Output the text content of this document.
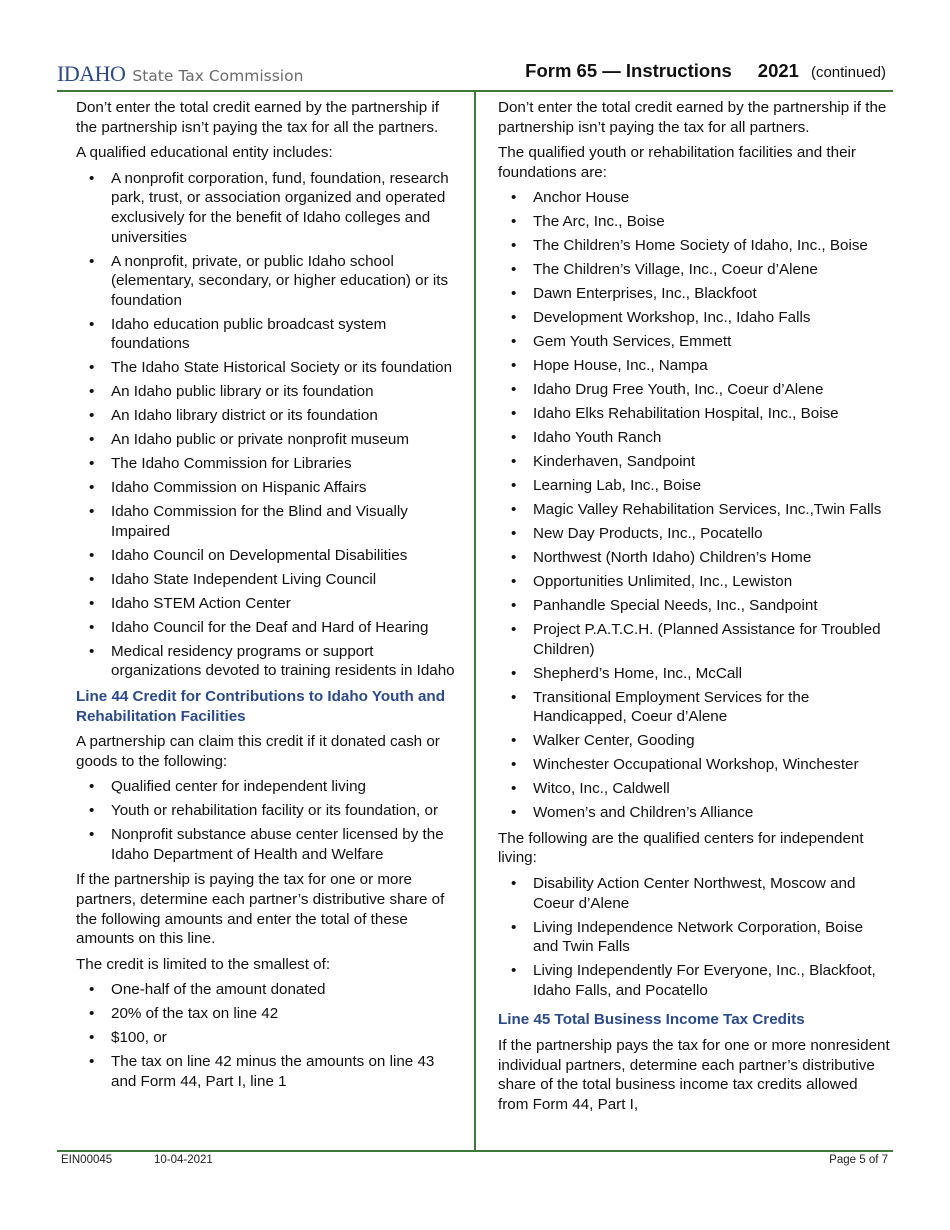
IDAHO State Tax Commission	Form 65 — Instructions 2021 (continued)

Don’t enter the total credit earned by the partnership if the partnership isn’t paying the tax for all the partners.

A qualified educational entity includes:

• A nonprofit corporation, fund, foundation, research park, trust, or association organized and operated exclusively for the benefit of Idaho colleges and universities
• A nonprofit, private, or public Idaho school (elementary, secondary, or higher education) or its foundation
• Idaho education public broadcast system foundations
• The Idaho State Historical Society or its foundation
• An Idaho public library or its foundation
• An Idaho library district or its foundation
• An Idaho public or private nonprofit museum
• The Idaho Commission for Libraries
• Idaho Commission on Hispanic Affairs
• Idaho Commission for the Blind and Visually Impaired
• Idaho Council on Developmental Disabilities
• Idaho State Independent Living Council
• Idaho STEM Action Center
• Idaho Council for the Deaf and Hard of Hearing
• Medical residency programs or support organizations devoted to training residents in Idaho

Line 44 Credit for Contributions to Idaho Youth and Rehabilitation Facilities

A partnership can claim this credit if it donated cash or goods to the following:

• Qualified center for independent living
• Youth or rehabilitation facility or its foundation, or
• Nonprofit substance abuse center licensed by the Idaho Department of Health and Welfare

If the partnership is paying the tax for one or more partners, determine each partner’s distributive share of the following amounts and enter the total of these amounts on this line.

The credit is limited to the smallest of:

• One-half of the amount donated
• 20% of the tax on line 42
• $100, or
• The tax on line 42 minus the amounts on line 43 and Form 44, Part I, line 1

Don’t enter the total credit earned by the partnership if the partnership isn’t paying the tax for all partners.

The qualified youth or rehabilitation facilities and their foundations are:

• Anchor House
• The Arc, Inc., Boise
• The Children’s Home Society of Idaho, Inc., Boise
• The Children’s Village, Inc., Coeur d’Alene
• Dawn Enterprises, Inc., Blackfoot
• Development Workshop, Inc., Idaho Falls
• Gem Youth Services, Emmett
• Hope House, Inc., Nampa
• Idaho Drug Free Youth, Inc., Coeur d’Alene
• Idaho Elks Rehabilitation Hospital, Inc., Boise
• Idaho Youth Ranch
• Kinderhaven, Sandpoint
• Learning Lab, Inc., Boise
• Magic Valley Rehabilitation Services, Inc.,Twin Falls
• New Day Products, Inc., Pocatello
• Northwest (North Idaho) Children’s Home
• Opportunities Unlimited, Inc., Lewiston
• Panhandle Special Needs, Inc., Sandpoint
• Project P.A.T.C.H. (Planned Assistance for Troubled Children)
• Shepherd’s Home, Inc., McCall
• Transitional Employment Services for the Handicapped, Coeur d’Alene
• Walker Center, Gooding
• Winchester Occupational Workshop, Winchester
• Witco, Inc., Caldwell
• Women’s and Children’s Alliance

The following are the qualified centers for independent living:

• Disability Action Center Northwest, Moscow and Coeur d’Alene
• Living Independence Network Corporation, Boise and Twin Falls
• Living Independently For Everyone, Inc., Blackfoot, Idaho Falls, and Pocatello

Line 45 Total Business Income Tax Credits

If the partnership pays the tax for one or more nonresident individual partners, determine each partner’s distributive share of the total business income tax credits allowed from Form 44, Part I,

EIN00045	10-04-2021	Page 5 of 7
